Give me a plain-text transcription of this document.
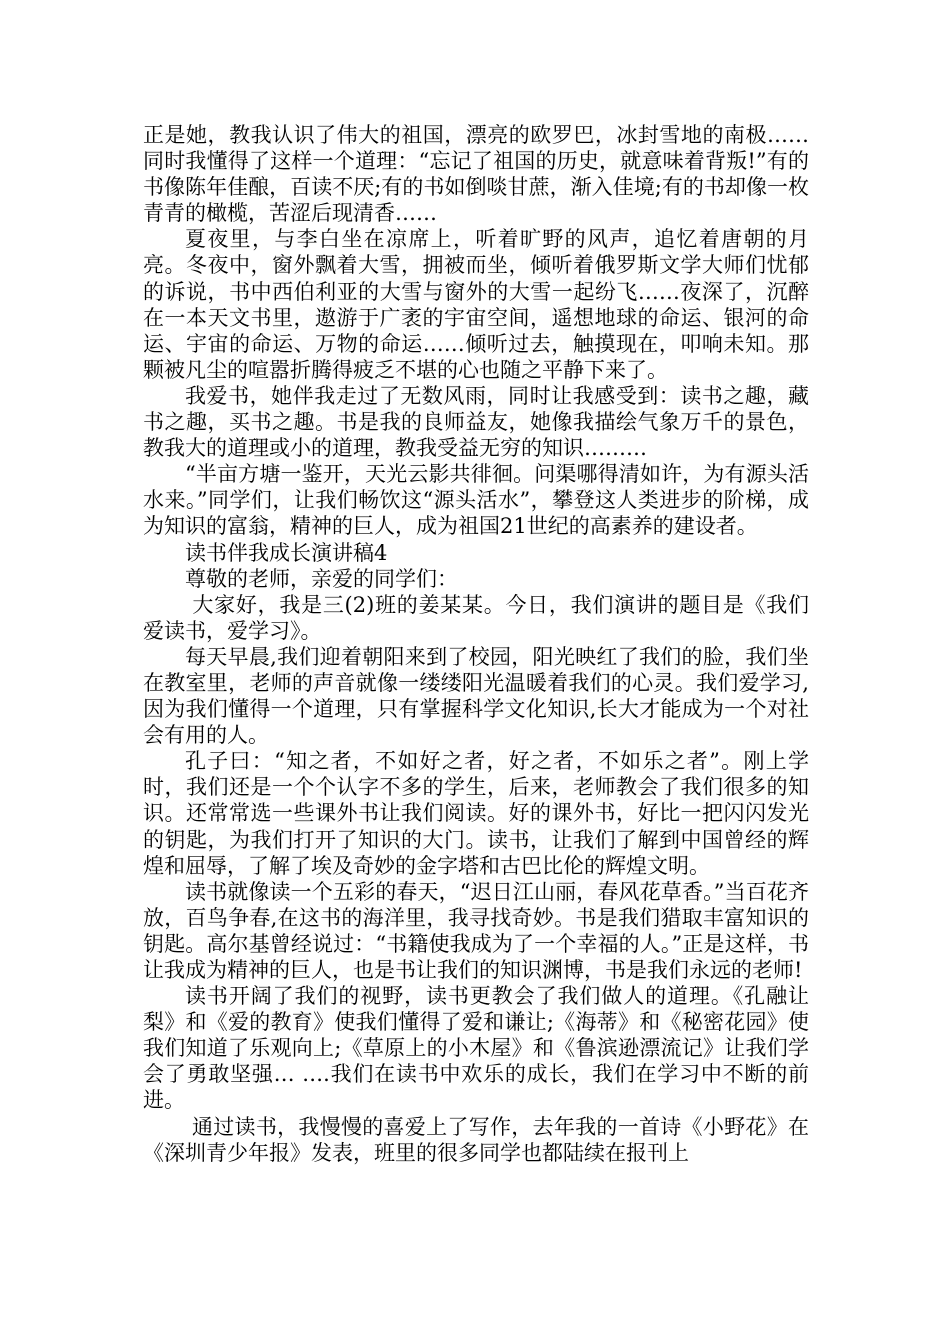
正是她，教我认识了伟大的祖国，漂亮的欧罗巴，冰封雪地的南极……同时我懂得了这样一个道理：“忘记了祖国的历史，就意味着背叛!”有的书像陈年佳酿，百读不厌;有的书如倒啖甘蔗，渐入佳境;有的书却像一枚青青的橄榄，苦涩后现清香……

夏夜里，与李白坐在凉席上，听着旷野的风声，追忆着唐朝的月亮。冬夜中，窗外飘着大雪，拥被而坐，倾听着俄罗斯文学大师们忧郁的诉说，书中西伯利亚的大雪与窗外的大雪一起纷飞……夜深了，沉醉在一本天文书里，遨游于广袤的宇宙空间，遥想地球的命运、银河的命运、宇宙的命运、万物的命运……倾听过去，触摸现在，叩响未知。那颗被凡尘的喧嚣折腾得疲乏不堪的心也随之平静下来了。

我爱书，她伴我走过了无数风雨，同时让我感受到：读书之趣，藏书之趣，买书之趣。书是我的良师益友，她像我描绘气象万千的景色，教我大的道理或小的道理，教我受益无穷的知识………

“半亩方塘一鉴开，天光云影共徘徊。问渠哪得清如许，为有源头活水来。”同学们，让我们畅饮这“源头活水”，攀登这人类进步的阶梯，成为知识的富翁，精神的巨人，成为祖国21世纪的高素养的建设者。

读书伴我成长演讲稿4

尊敬的老师，亲爱的同学们：

大家好，我是三(2)班的姜某某。今日，我们演讲的题目是《我们爱读书，爱学习》。

每天早晨,我们迎着朝阳来到了校园，阳光映红了我们的脸，我们坐在教室里，老师的声音就像一缕缕阳光温暖着我们的心灵。我们爱学习,因为我们懂得一个道理，只有掌握科学文化知识,长大才能成为一个对社会有用的人。

孔子曰：“知之者，不如好之者，好之者，不如乐之者”。刚上学时，我们还是一个个认字不多的学生，后来，老师教会了我们很多的知识。还常常选一些课外书让我们阅读。好的课外书，好比一把闪闪发光的钥匙，为我们打开了知识的大门。读书，让我们了解到中国曾经的辉煌和屈辱，了解了埃及奇妙的金字塔和古巴比伦的辉煌文明。

读书就像读一个五彩的春天，“迟日江山丽，春风花草香。”当百花齐放，百鸟争春,在这书的海洋里，我寻找奇妙。书是我们猎取丰富知识的钥匙。高尔基曾经说过：“书籍使我成为了一个幸福的人。”正是这样，书让我成为精神的巨人，也是书让我们的知识渊博，书是我们永远的老师!

读书开阔了我们的视野，读书更教会了我们做人的道理。《孔融让梨》和《爱的教育》使我们懂得了爱和谦让;《海蒂》和《秘密花园》使我们知道了乐观向上;《草原上的小木屋》和《鲁滨逊漂流记》让我们学会了勇敢坚强… ….我们在读书中欢乐的成长，我们在学习中不断的前进。

通过读书，我慢慢的喜爱上了写作，去年我的一首诗《小野花》在《深圳青少年报》发表，班里的很多同学也都陆续在报刊上
